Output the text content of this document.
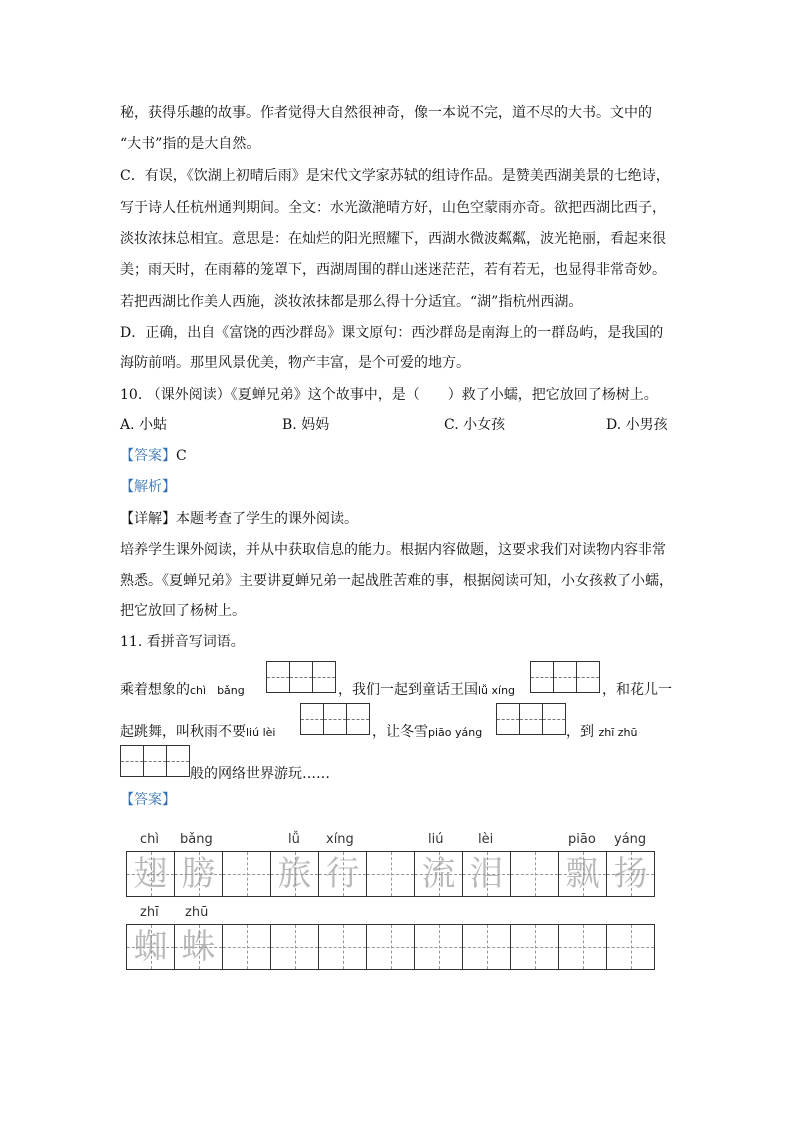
秘，获得乐趣的故事。作者觉得大自然很神奇，像一本说不完，道不尽的大书。文中的
“大书”指的是大自然。
C．有误，《饮湖上初晴后雨》是宋代文学家苏轼的组诗作品。是赞美西湖美景的七绝诗，
写于诗人任杭州通判期间。全文：水光潋滟晴方好，山色空蒙雨亦奇。欲把西湖比西子，
淡妆浓抹总相宜。意思是：在灿烂的阳光照耀下，西湖水微波粼粼，波光艳丽，看起来很
美；雨天时，在雨幕的笼罩下，西湖周围的群山迷迷茫茫，若有若无，也显得非常奇妙。
若把西湖比作美人西施，淡妆浓抹都是那么得十分适宜。“湖”指杭州西湖。
D．正确，出自《富饶的西沙群岛》课文原句：西沙群岛是南海上的一群岛屿，是我国的
海防前哨。那里风景优美，物产丰富，是个可爱的地方。
10. （课外阅读）《夏蝉兄弟》这个故事中，是（　　）救了小蠕，把它放回了杨树上。
A. 小蛄	B. 妈妈	C. 小女孩	D. 小男孩
【答案】C
【解析】
【详解】本题考查了学生的课外阅读。
培养学生课外阅读，并从中获取信息的能力。根据内容做题，这要求我们对读物内容非常
熟悉。《夏蝉兄弟》主要讲夏蝉兄弟一起战胜苦难的事，根据阅读可知，小女孩救了小蠕，
把它放回了杨树上。
11. 看拼音写词语。
乘着想象的chì　bǎng	，我们一起到童话王国lǚ xíng	，和花儿一
起跳舞，叫秋雨不要liú lèi	，让冬雪piāo yáng	，到 zhī zhū
般的网络世界游玩……
【答案】
chì bǎng	lǚ xíng	liú	lèi	piāo yáng
zhī zhū
翅 膀 旅 行 流 泪 飘 扬
蜘 蛛
